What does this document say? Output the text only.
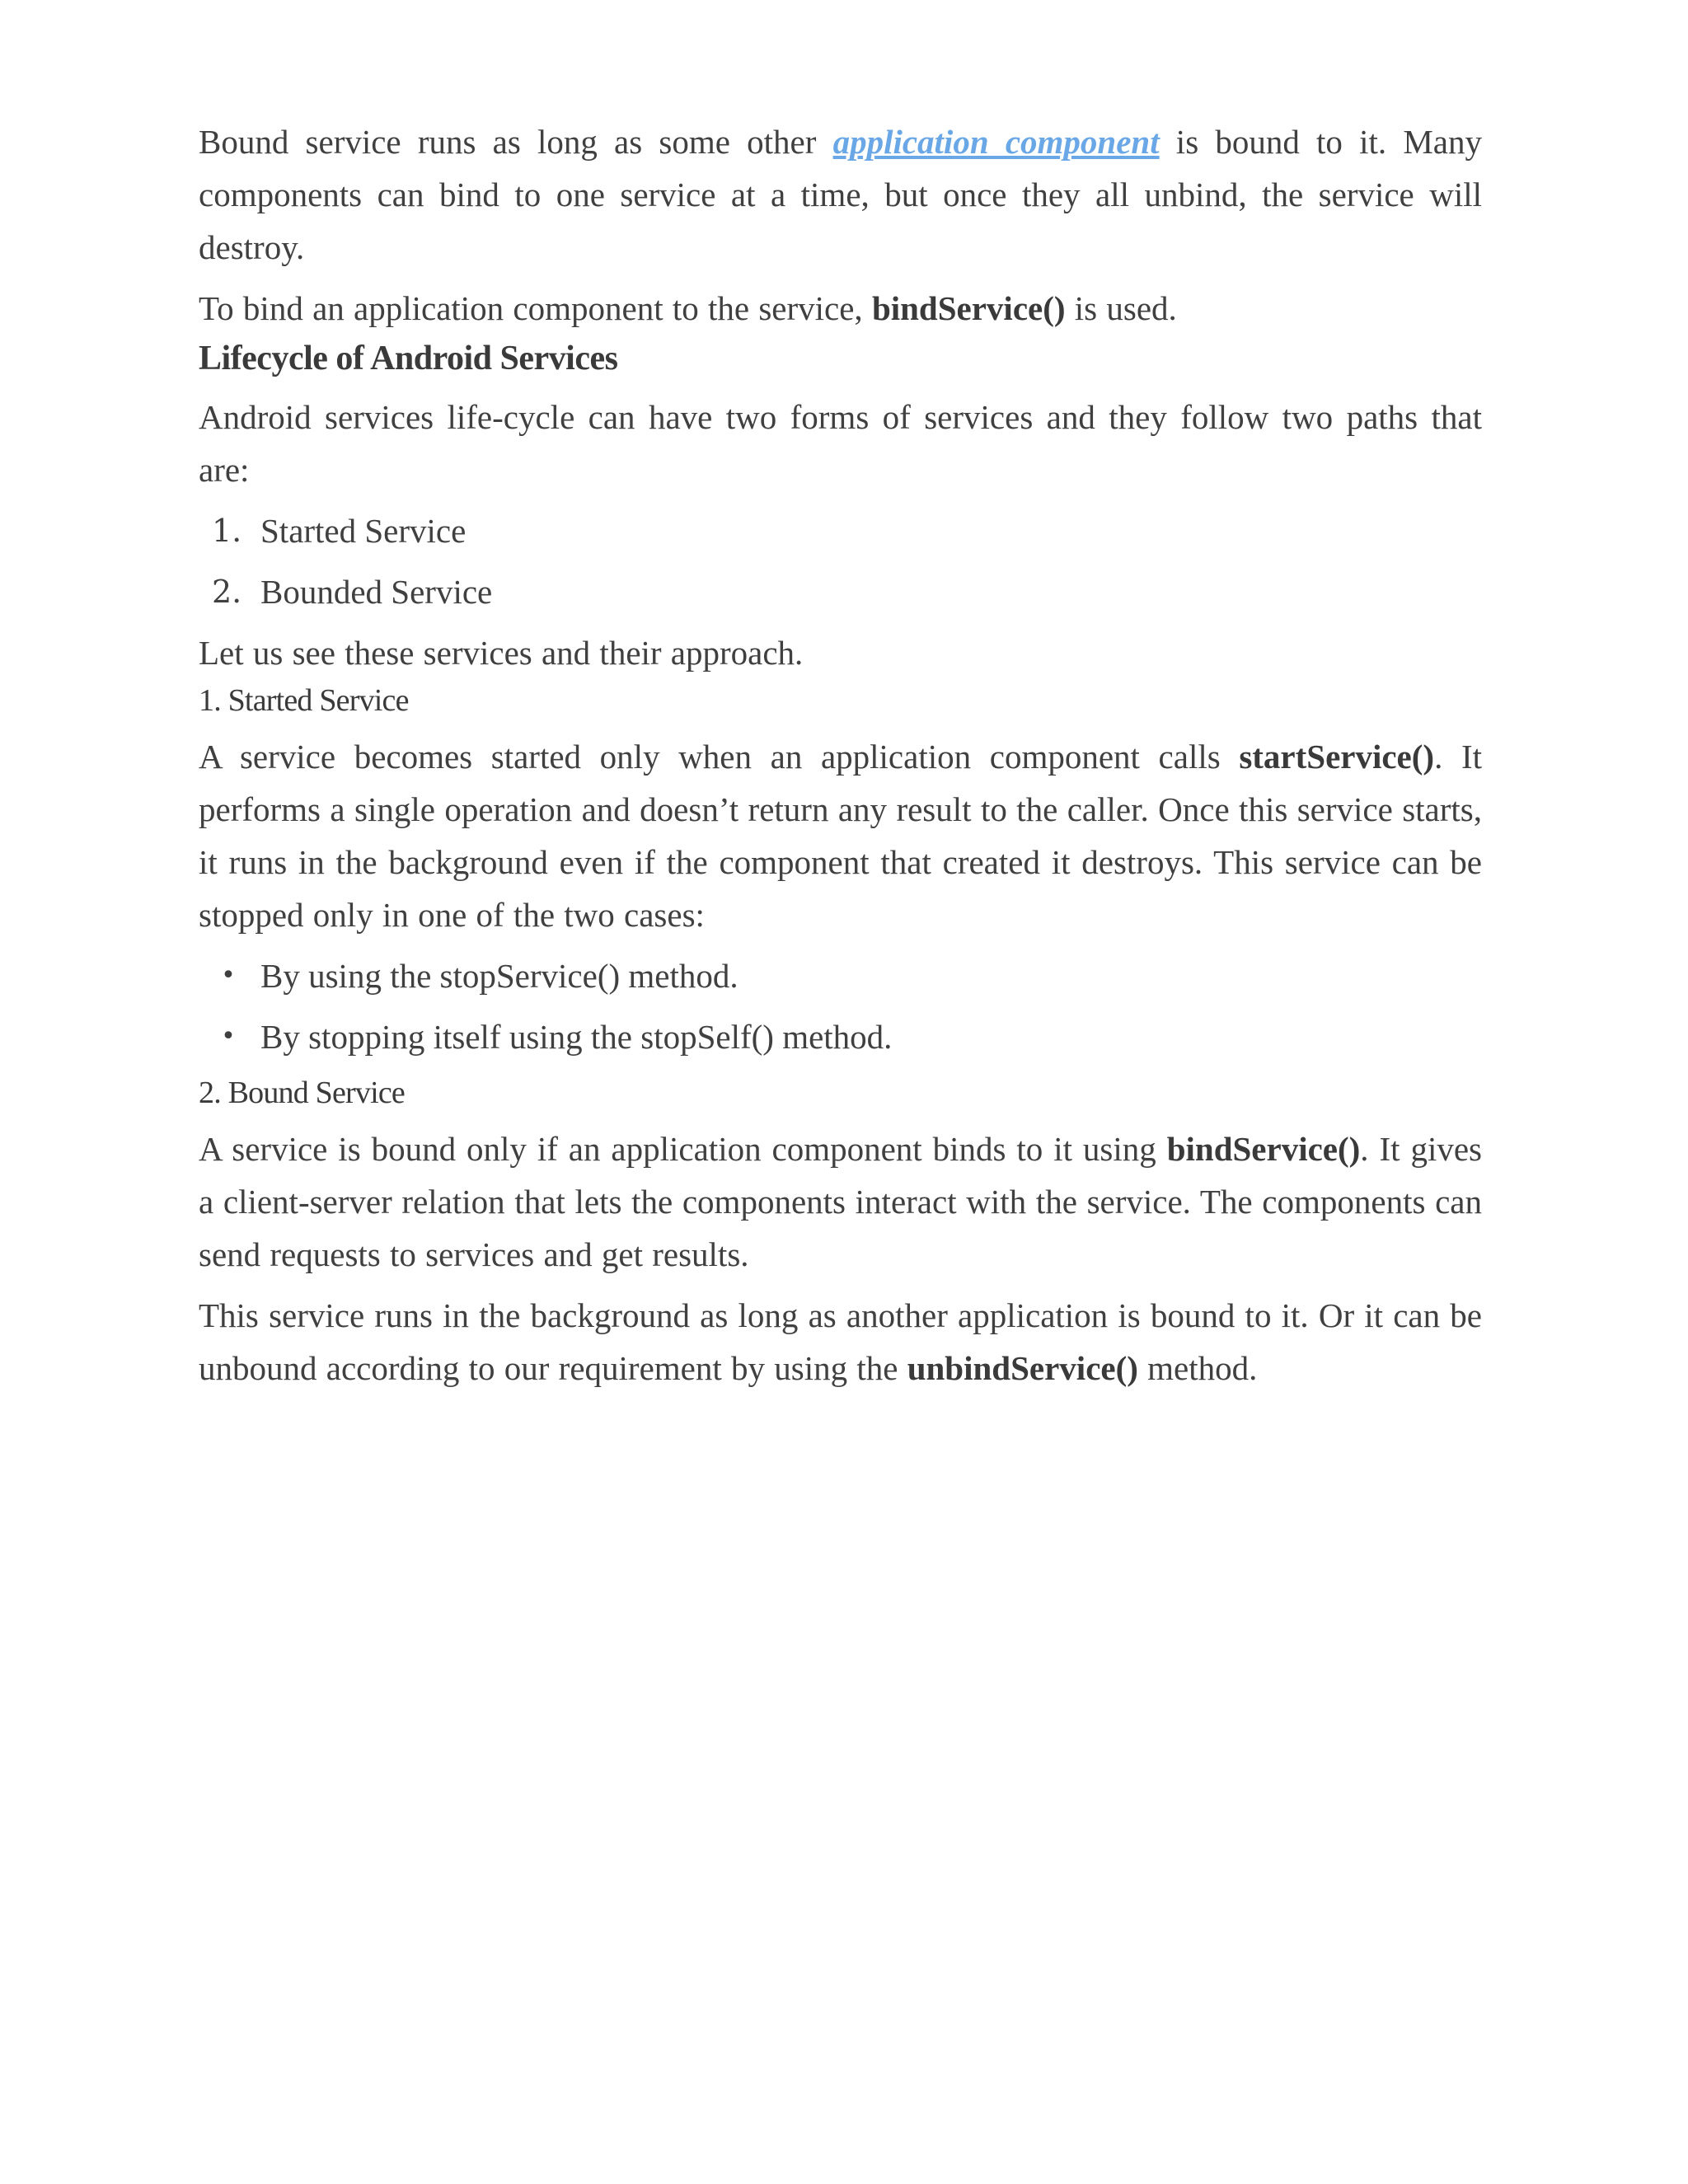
Bound service runs as long as some other application component is bound to it. Many components can bind to one service at a time, but once they all unbind, the service will destroy.

To bind an application component to the service, bindService() is used.

Lifecycle of Android Services

Android services life-cycle can have two forms of services and they follow two paths that are:

1. Started Service
2. Bounded Service

Let us see these services and their approach.

1. Started Service

A service becomes started only when an application component calls startService(). It performs a single operation and doesn’t return any result to the caller. Once this service starts, it runs in the background even if the component that created it destroys. This service can be stopped only in one of the two cases:

• By using the stopService() method.
• By stopping itself using the stopSelf() method.
2. Bound Service

A service is bound only if an application component binds to it using bindService(). It gives a client-server relation that lets the components interact with the service. The components can send requests to services and get results.

This service runs in the background as long as another application is bound to it. Or it can be unbound according to our requirement by using the unbindService() method.
